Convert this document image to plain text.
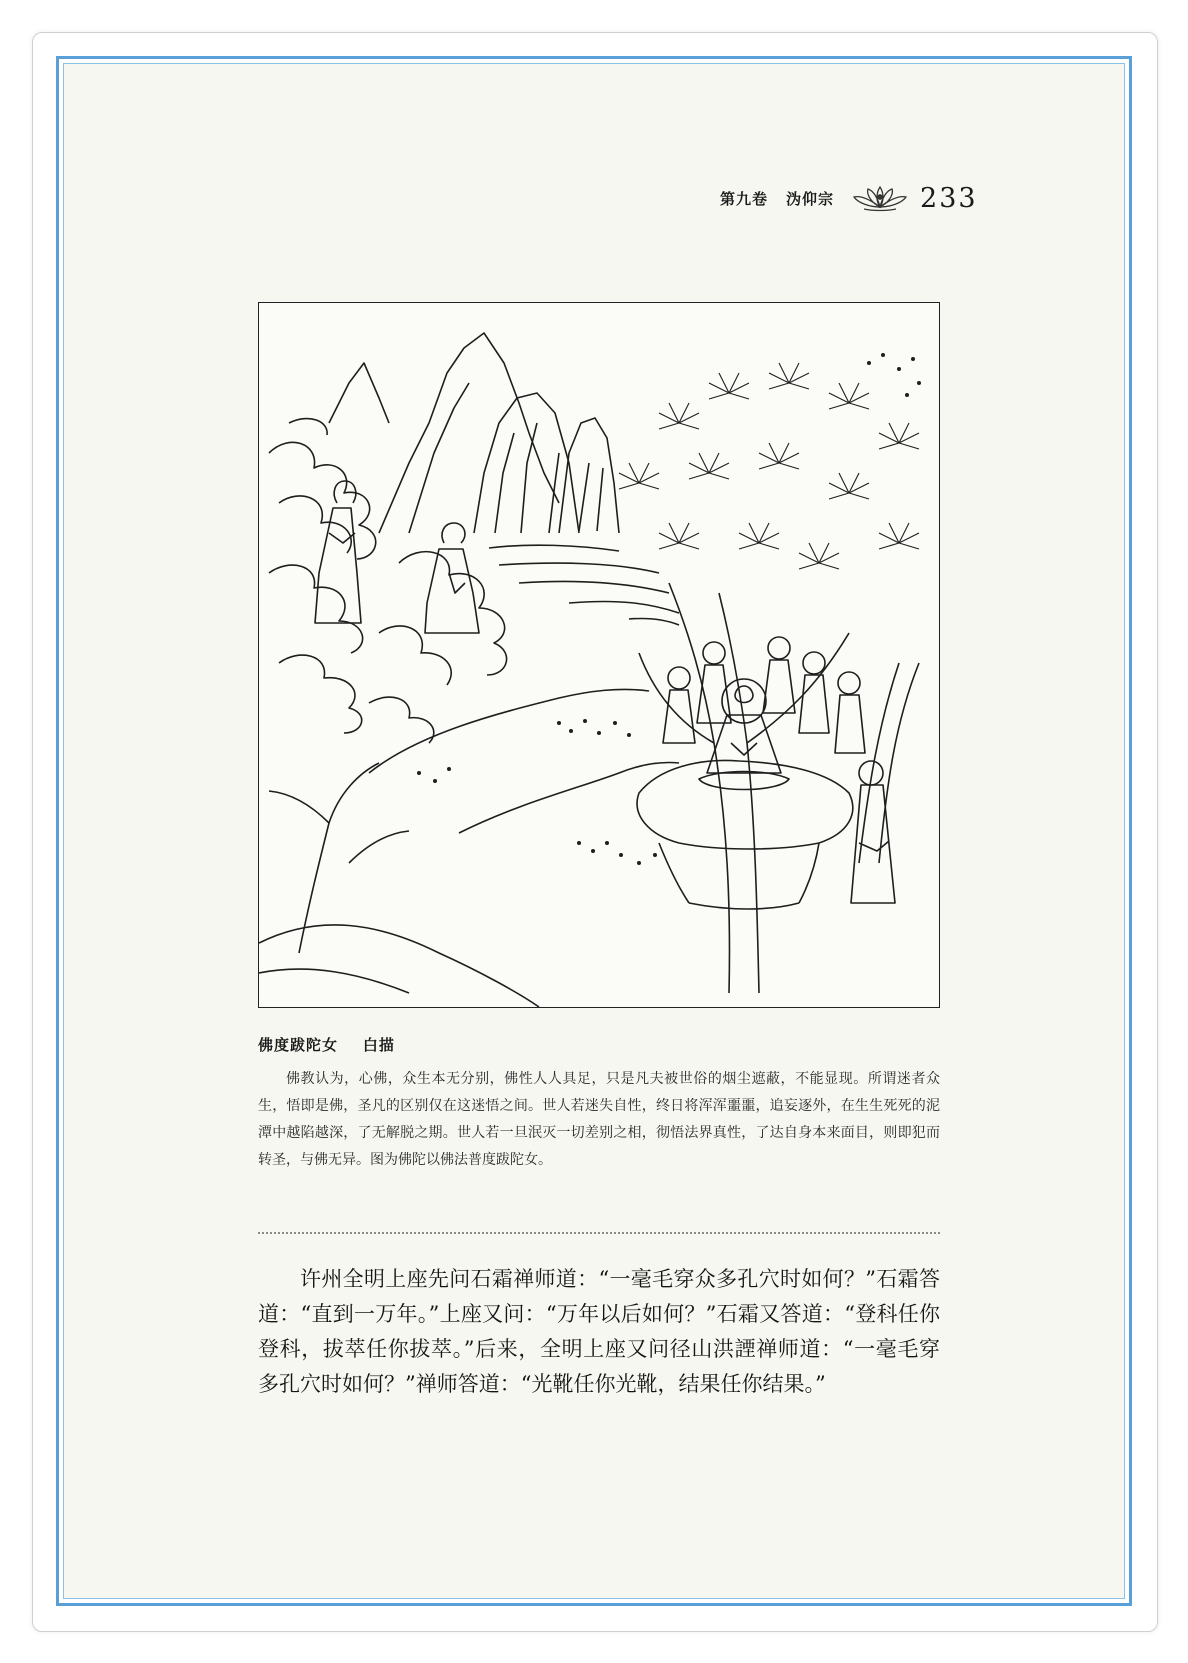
第九卷 沩仰宗	233
佛度跋陀女 白描
佛教认为，心佛，众生本无分别，佛性人人具足，只是凡夫被世俗的烟尘遮蔽，不能显现。所谓迷者众生，悟即是佛，圣凡的区别仅在这迷悟之间。世人若迷失自性，终日将浑浑噩噩，追妄逐外，在生生死死的泥潭中越陷越深，了无解脱之期。世人若一旦泯灭一切差别之相，彻悟法界真性，了达自身本来面目，则即犯而转圣，与佛无异。图为佛陀以佛法普度跋陀女。
许州全明上座先问石霜禅师道：“一毫毛穿众多孔穴时如何？”石霜答道：“直到一万年。”上座又问：“万年以后如何？”石霜又答道：“登科任你登科，拔萃任你拔萃。”后来，全明上座又问径山洪諲禅师道：“一毫毛穿多孔穴时如何？”禅师答道：“光靴任你光靴，结果任你结果。”
